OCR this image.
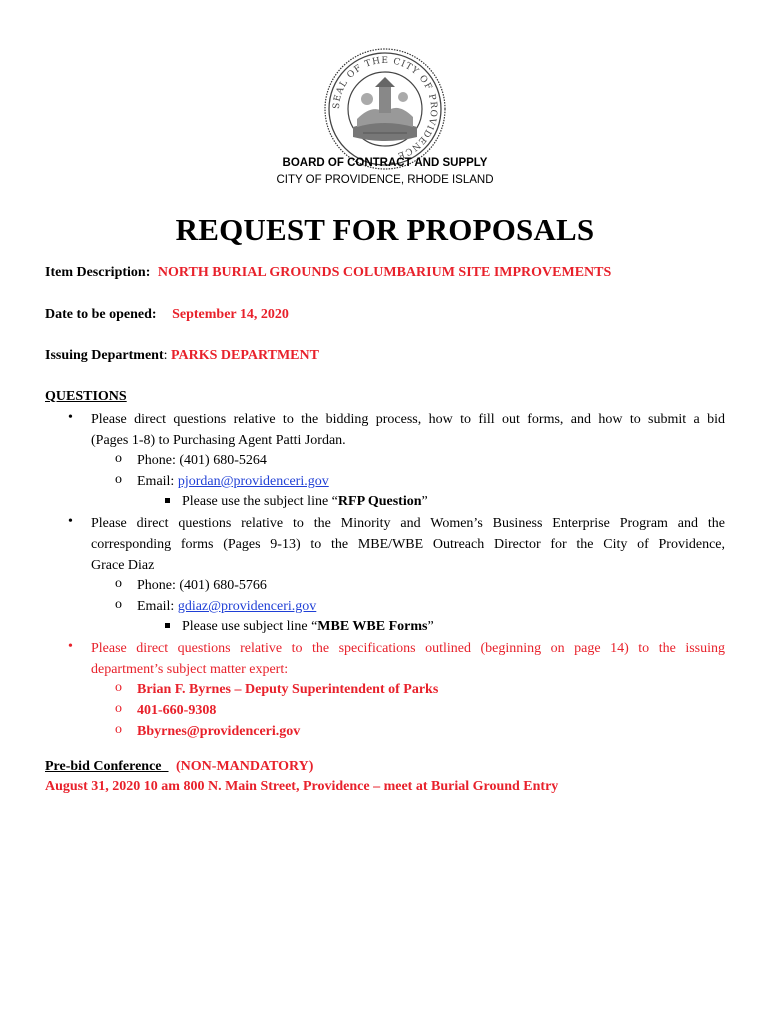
SEAL OF THE CITY OF PROVIDENCE
BOARD OF CONTRACT AND SUPPLY
CITY OF PROVIDENCE, RHODE ISLAND
REQUEST FOR PROPOSALS
Item Description: NORTH BURIAL GROUNDS COLUMBARIUM SITE IMPROVEMENTS
Date to be opened: September 14, 2020
Issuing Department: PARKS DEPARTMENT
QUESTIONS
• Please direct questions relative to the bidding process, how to fill out forms, and how to submit a bid
(Pages 1-8) to Purchasing Agent Patti Jordan.
o Phone: (401) 680-5264
o Email: pjordan@providenceri.gov
Please use the subject line “RFP Question”
• Please direct questions relative to the Minority and Women’s Business Enterprise Program and the
corresponding forms (Pages 9-13) to the MBE/WBE Outreach Director for the City of Providence,
Grace Diaz
o Phone: (401) 680-5766
o Email: gdiaz@providenceri.gov
Please use subject line “MBE WBE Forms”
• Please direct questions relative to the specifications outlined (beginning on page 14) to the issuing
department’s subject matter expert:
o Brian F. Byrnes – Deputy Superintendent of Parks
o 401-660-9308
o Bbyrnes@providenceri.gov
Pre-bid Conference (NON-MANDATORY)
August 31, 2020 10 am 800 N. Main Street, Providence – meet at Burial Ground Entry
